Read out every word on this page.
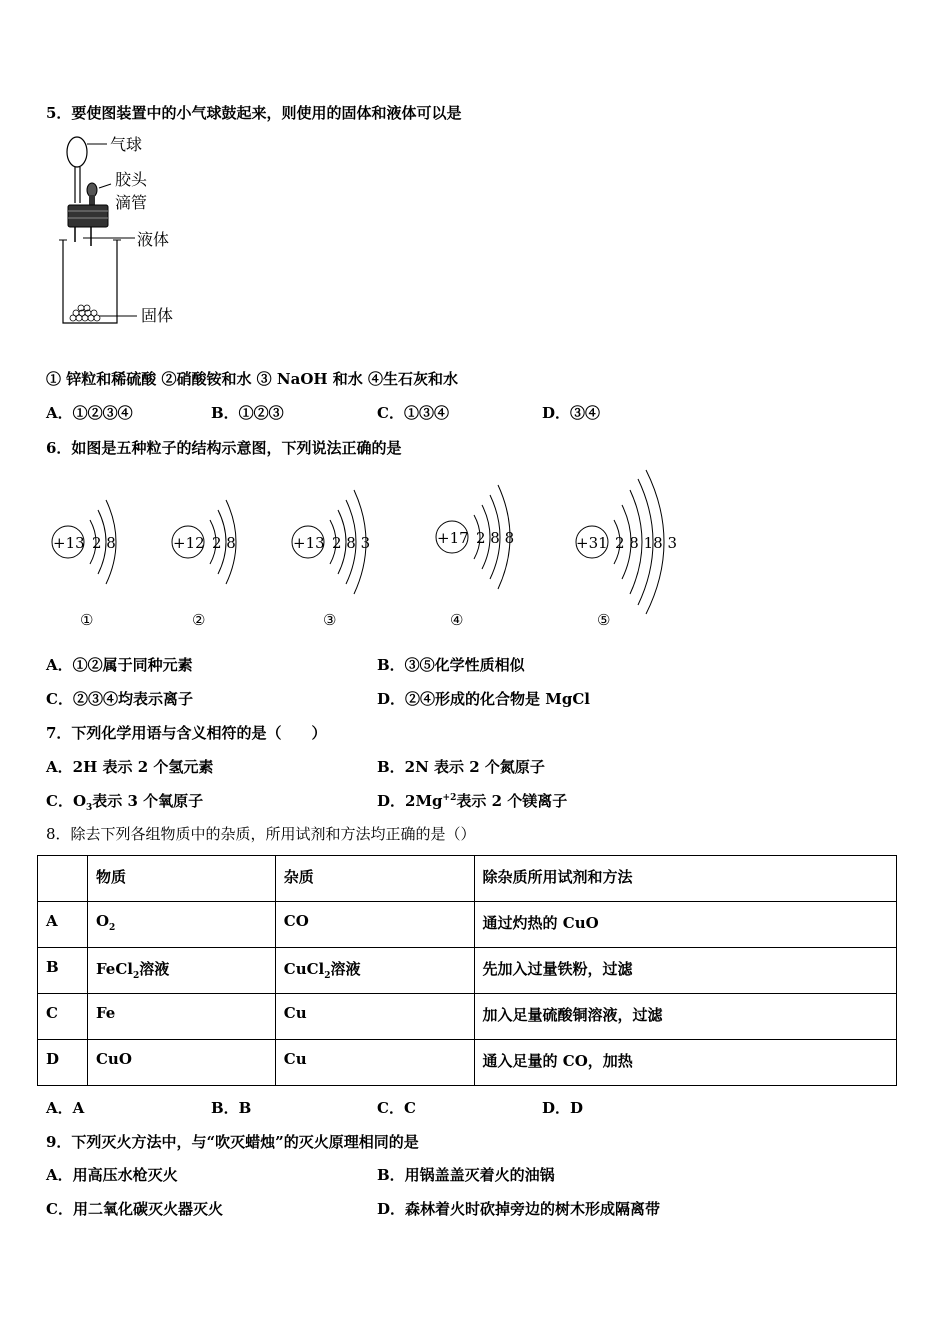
5．要使图装置中的小气球鼓起来，则使用的固体和液体可以是
气球
胶头
滴管
液体
固体
① 锌粒和稀硫酸 ②硝酸铵和水 ③ NaOH 和水 ④生石灰和水
A．①②③④	B．①②③	C．①③④	D．③④
6．如图是五种粒子的结构示意图，下列说法正确的是
+13 2 8
①
+12 2 8
②
+13 2 8 3
③
+17 2 8 8
④
+31 2 8 18 3
⑤
A．①②属于同种元素	B．③⑤化学性质相似
C．②③④均表示离子	D．②④形成的化合物是 MgCl
7．下列化学用语与含义相符的是（　　）
A．2H 表示 2 个氢元素	B．2N 表示 2 个氮原子
C．$O_3$表示 3 个氧原子	D．$2Mg^{+2}$表示 2 个镁离子
8．除去下列各组物质中的杂质，所用试剂和方法均正确的是（）
	物质	杂质	除杂质所用试剂和方法
A	$O_2$	CO	通过灼热的 CuO
B	FeCl$_2$溶液	CuCl$_2$溶液	先加入过量铁粉，过滤
C	Fe	Cu	加入足量硫酸铜溶液，过滤
D	CuO	Cu	通入足量的 CO，加热
A．A	B．B	C．C	D．D
9．下列灭火方法中，与“吹灭蜡烛”的灭火原理相同的是
A．用高压水枪灭火	B．用锅盖盖灭着火的油锅
C．用二氧化碳灭火器灭火	D．森林着火时砍掉旁边的树木形成隔离带
